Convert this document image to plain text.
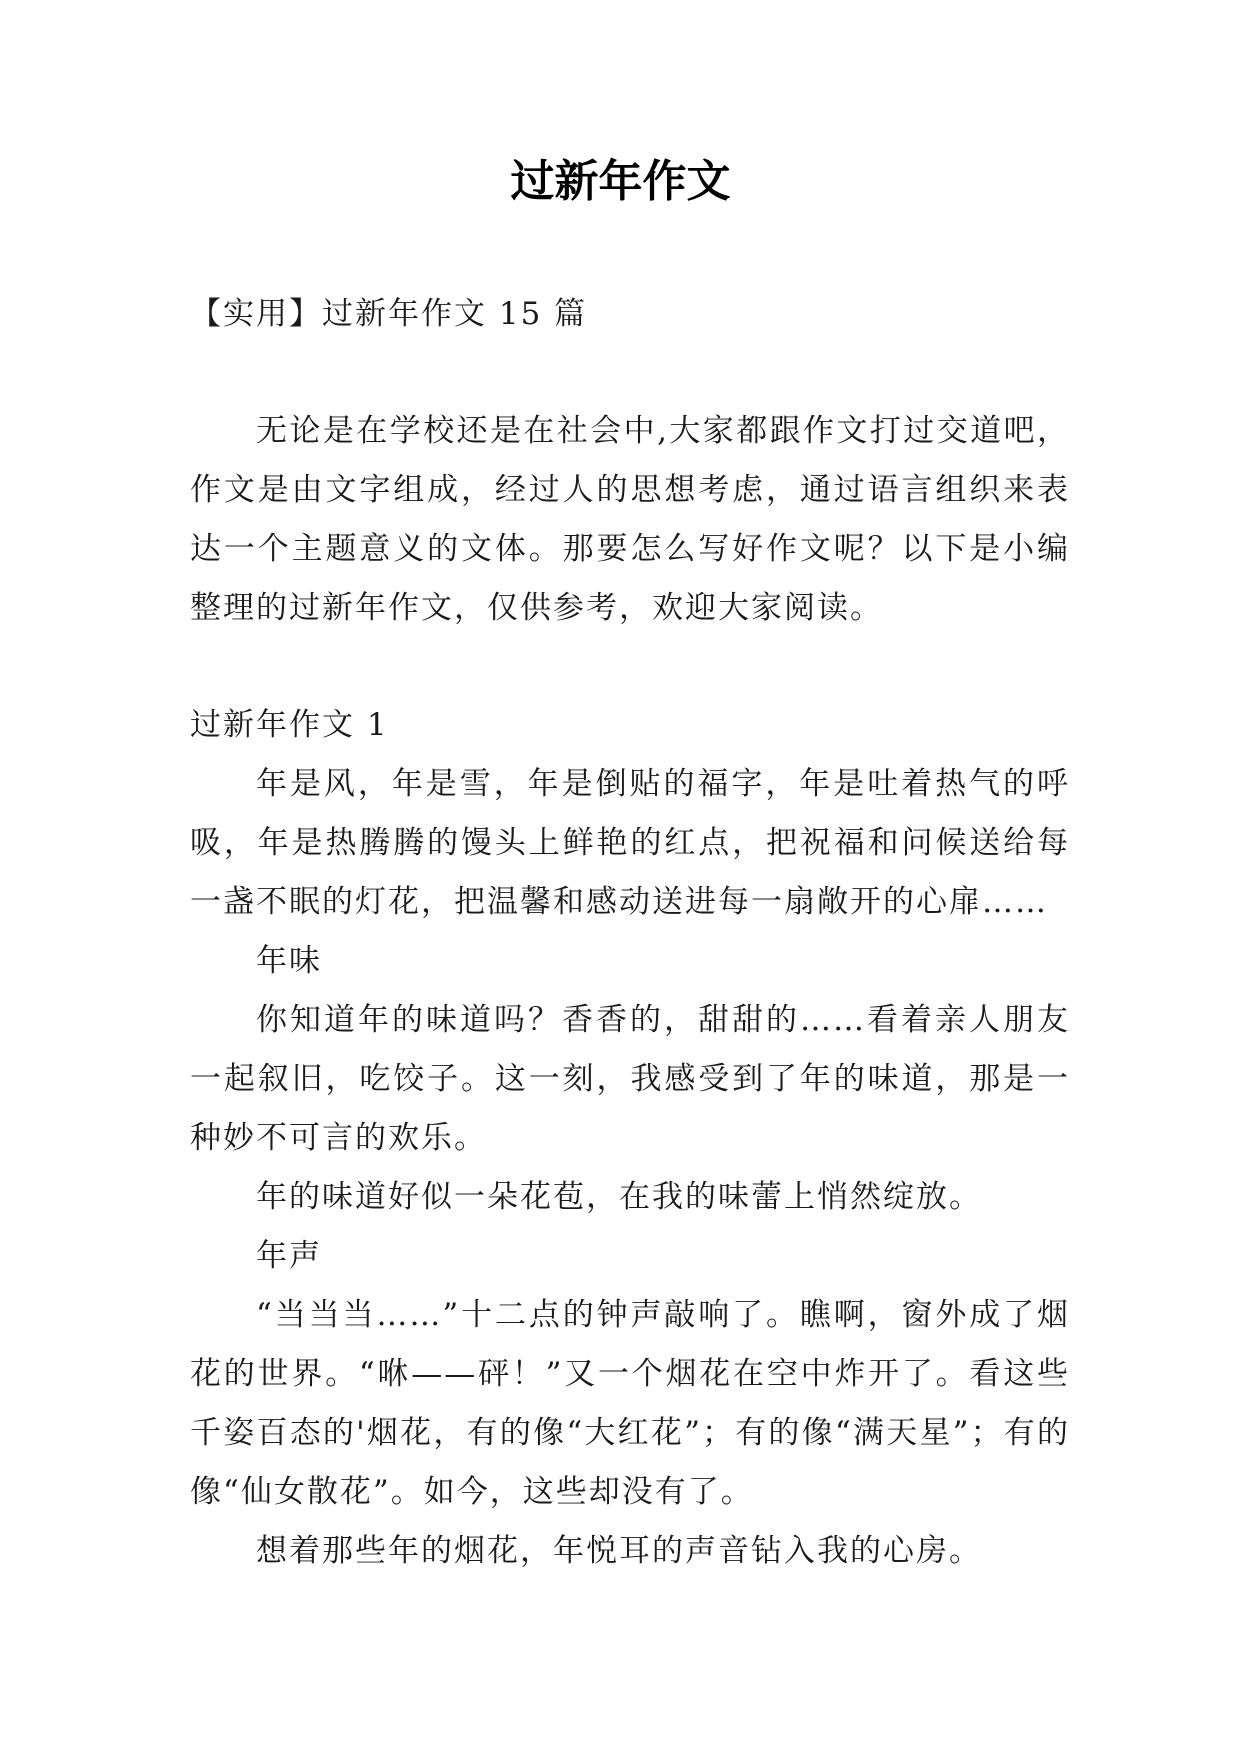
过新年作文

【实用】过新年作文 15 篇

无论是在学校还是在社会中,大家都跟作文打过交道吧，作文是由文字组成，经过人的思想考虑，通过语言组织来表达一个主题意义的文体。那要怎么写好作文呢？以下是小编整理的过新年作文，仅供参考，欢迎大家阅读。

过新年作文 1

年是风，年是雪，年是倒贴的福字，年是吐着热气的呼吸，年是热腾腾的馒头上鲜艳的红点，把祝福和问候送给每一盏不眠的灯花，把温馨和感动送进每一扇敞开的心扉……

年味

你知道年的味道吗？香香的，甜甜的……看着亲人朋友一起叙旧，吃饺子。这一刻，我感受到了年的味道，那是一种妙不可言的欢乐。

年的味道好似一朵花苞，在我的味蕾上悄然绽放。

年声

“当当当……”十二点的钟声敲响了。瞧啊，窗外成了烟花的世界。“咻——砰！”又一个烟花在空中炸开了。看这些千姿百态的'烟花，有的像“大红花”；有的像“满天星”；有的像“仙女散花”。如今，这些却没有了。

想着那些年的烟花，年悦耳的声音钻入我的心房。
